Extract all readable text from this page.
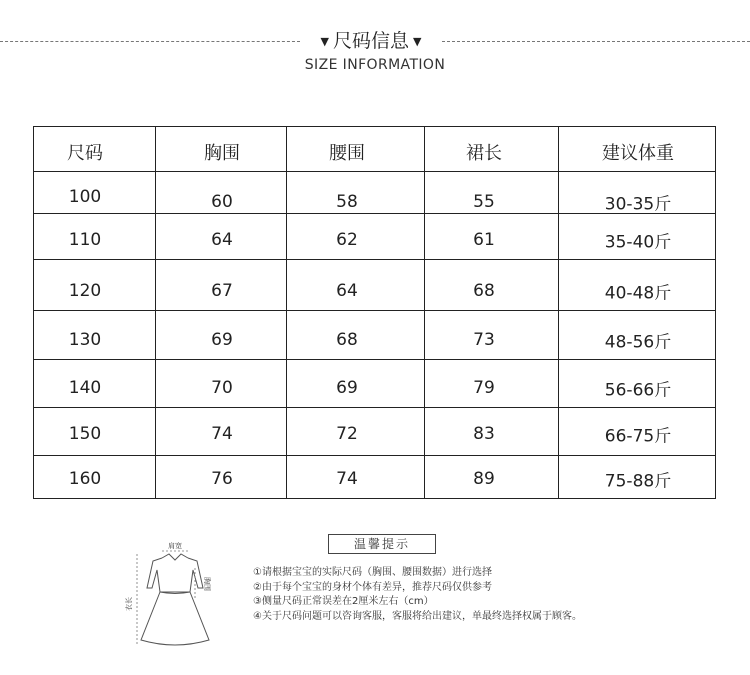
▼ 尺码信息 ▼
SIZE INFORMATION
尺码	胸围	腰围	裙长	建议体重
100	60	58	55	30-35斤
110	64	62	61	35-40斤
120	67	64	68	40-48斤
130	69	68	73	48-56斤
140	70	69	79	56-66斤
150	74	72	83	66-75斤
160	76	74	89	75-88斤
肩宽
衣长
胸围
温馨提示
①请根据宝宝的实际尺码（胸围、腰围数据）进行选择
②由于每个宝宝的身材个体有差异，推荐尺码仅供参考
③侧量尺码正常误差在2厘米左右（cm）
④关于尺码问题可以咨询客服，客服将给出建议，单最终选择权属于顾客。
